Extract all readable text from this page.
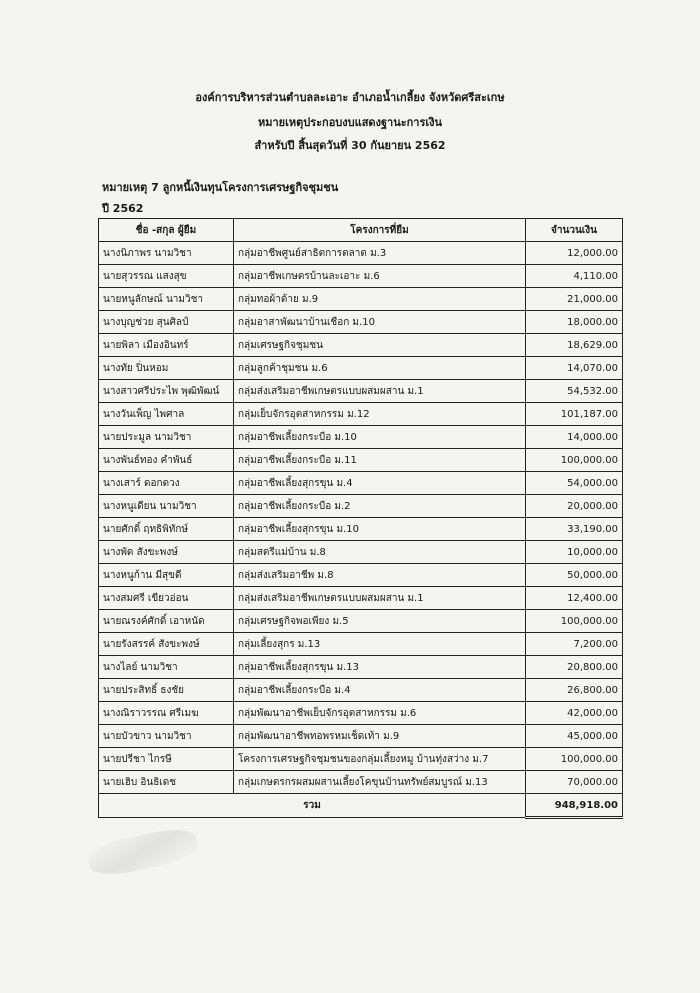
องค์การบริหารส่วนตำบลละเอาะ อำเภอน้ำเกลี้ยง จังหวัดศรีสะเกษ
หมายเหตุประกอบงบแสดงฐานะการเงิน
สำหรับปี สิ้นสุดวันที่ 30 กันยายน 2562
หมายเหตุ 7 ลูกหนี้เงินทุนโครงการเศรษฐกิจชุมชน
ปี 2562
ชื่อ -สกุล ผู้ยืม	โครงการที่ยืม	จำนวนเงิน
นางนิภาพร นามวิชา	กลุ่มอาชีพศูนย์สาธิตการตลาด ม.3	12,000.00
นายสุวรรณ แสงสุข	กลุ่มอาชีพเกษตรบ้านละเอาะ ม.6	4,110.00
นายหนูลักษณ์ นามวิชา	กลุ่มทอผ้าด้าย ม.9	21,000.00
นางบุญช่วย สุนศิลป์	กลุ่มอาสาพัฒนาบ้านเชือก ม.10	18,000.00
นายพิลา เมืองอินทร์	กลุ่มเศรษฐกิจชุมชน	18,629.00
นางทัย ปิ่นหอม	กลุ่มลูกค้าชุมชน ม.6	14,070.00
นางสาวศรีประไพ พุฒิพัฒน์	กลุ่มส่งเสริมอาชีพเกษตรแบบผสมผสาน ม.1	54,532.00
นางวันเพ็ญ ไพศาล	กลุ่มเย็บจักรอุตสาหกรรม ม.12	101,187.00
นายประมูล นามวิชา	กลุ่มอาชีพเลี้ยงกระบือ ม.10	14,000.00
นางพันธ์ทอง คำพันธ์	กลุ่มอาชีพเลี้ยงกระบือ ม.11	100,000.00
นางเสาร์ ดอกดวง	กลุ่มอาชีพเลี้ยงสุกรขุน ม.4	54,000.00
นางหนูเดียน นามวิชา	กลุ่มอาชีพเลี้ยงกระบือ ม.2	20,000.00
นายศักดิ์ ฤทธิพิทักษ์	กลุ่มอาชีพเลี้ยงสุกรขุน ม.10	33,190.00
นางพัด สังขะพงษ์	กลุ่มสตรีแม่บ้าน ม.8	10,000.00
นางหนูก้าน มีสุขดี	กลุ่มส่งเสริมอาชีพ ม.8	50,000.00
นางสมศรี เขียวอ่อน	กลุ่มส่งเสริมอาชีพเกษตรแบบผสมผสาน ม.1	12,400.00
นายณรงค์ศักดิ์ เอาหนัด	กลุ่มเศรษฐกิจพอเพียง ม.5	100,000.00
นายรังสรรค์ สังขะพงษ์	กลุ่มเลี้ยงสุกร ม.13	7,200.00
นางไลย์ นามวิชา	กลุ่มอาชีพเลี้ยงสุกรขุน ม.13	20,800.00
นายประสิทธิ์ ธงชัย	กลุ่มอาชีพเลี้ยงกระบือ ม.4	26,800.00
นางณิราวรรณ ศรีเมฆ	กลุ่มพัฒนาอาชีพเย็บจักรอุตสาหกรรม ม.6	42,000.00
นายบัวขาว นามวิชา	กลุ่มพัฒนาอาชีพทอพรหมเช็ดเท้า ม.9	45,000.00
นายปรีชา ไกรษี	โครงการเศรษฐกิจชุมชนของกลุ่มเลี้ยงหมู บ้านทุ่งสว่าง ม.7	100,000.00
นายเฮิบ อินธิเดช	กลุ่มเกษตรกรผสมผสานเลี้ยงโคขุนบ้านทรัพย์สมบูรณ์ ม.13	70,000.00
รวม		948,918.00
